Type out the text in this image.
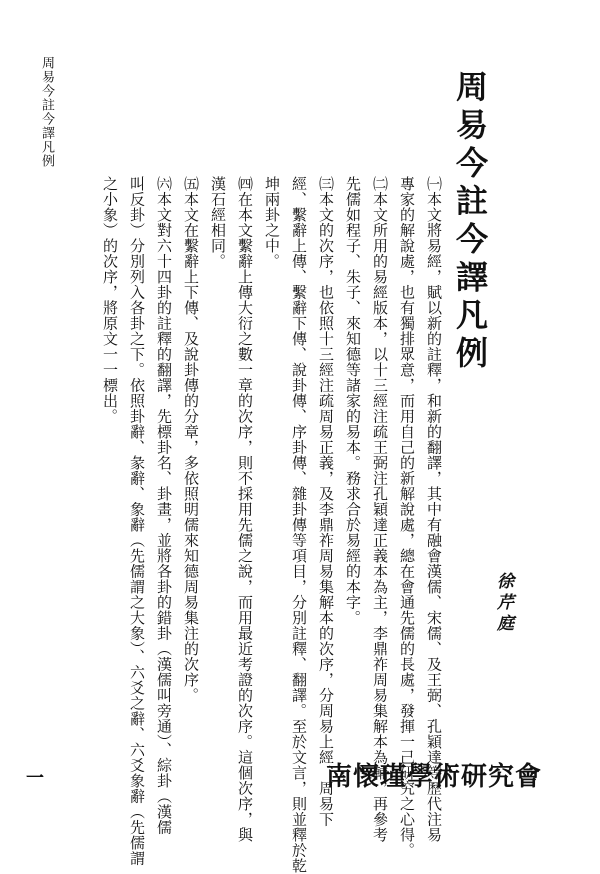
周易今註今譯凡例	周易今註今譯凡例
徐芹庭
㈠本文將易經，賦以新的註釋，和新的翻譯，其中有融會漢儒、宋儒、及王弼、孔穎達等歷代注易
專家的解說處，也有獨排眾意，而用自己的新解說處，總在會通先儒的長處，發揮一己研究之心得。
㈡本文所用的易經版本，以十三經注疏王弼注孔穎達正義本為主，李鼎祚周易集解本為輔，再參考
先儒如程子、朱子、來知德等諸家的易本。務求合於易經的本字。
㈢本文的次序，也依照十三經注疏周易正義，及李鼎祚周易集解本的次序，分周易上經、周易下
經、繫辭上傳、繫辭下傳、說卦傳、序卦傳、雜卦傳等項目，分別註釋、翻譯。至於文言，則並釋於乾
坤兩卦之中。
㈣在本文繫辭上傳大衍之數一章的次序，則不採用先儒之說，而用最近考證的次序。這個次序，與
漢石經相同。
㈤本文在繫辭上下傳、及說卦傳的分章，多依照明儒來知德周易集注的次序。
㈥本文對六十四卦的註釋的翻譯，先標卦名、卦畫，並將各卦的錯卦（漢儒叫旁通）、綜卦（漢儒
叫反卦）分別列入各卦之下。依照卦辭、彖辭、象辭（先儒謂之大象）、六爻之辭、六爻象辭（先儒謂
之小象）的次序，將原文一一標出。
一	南懷瑾學術研究會
